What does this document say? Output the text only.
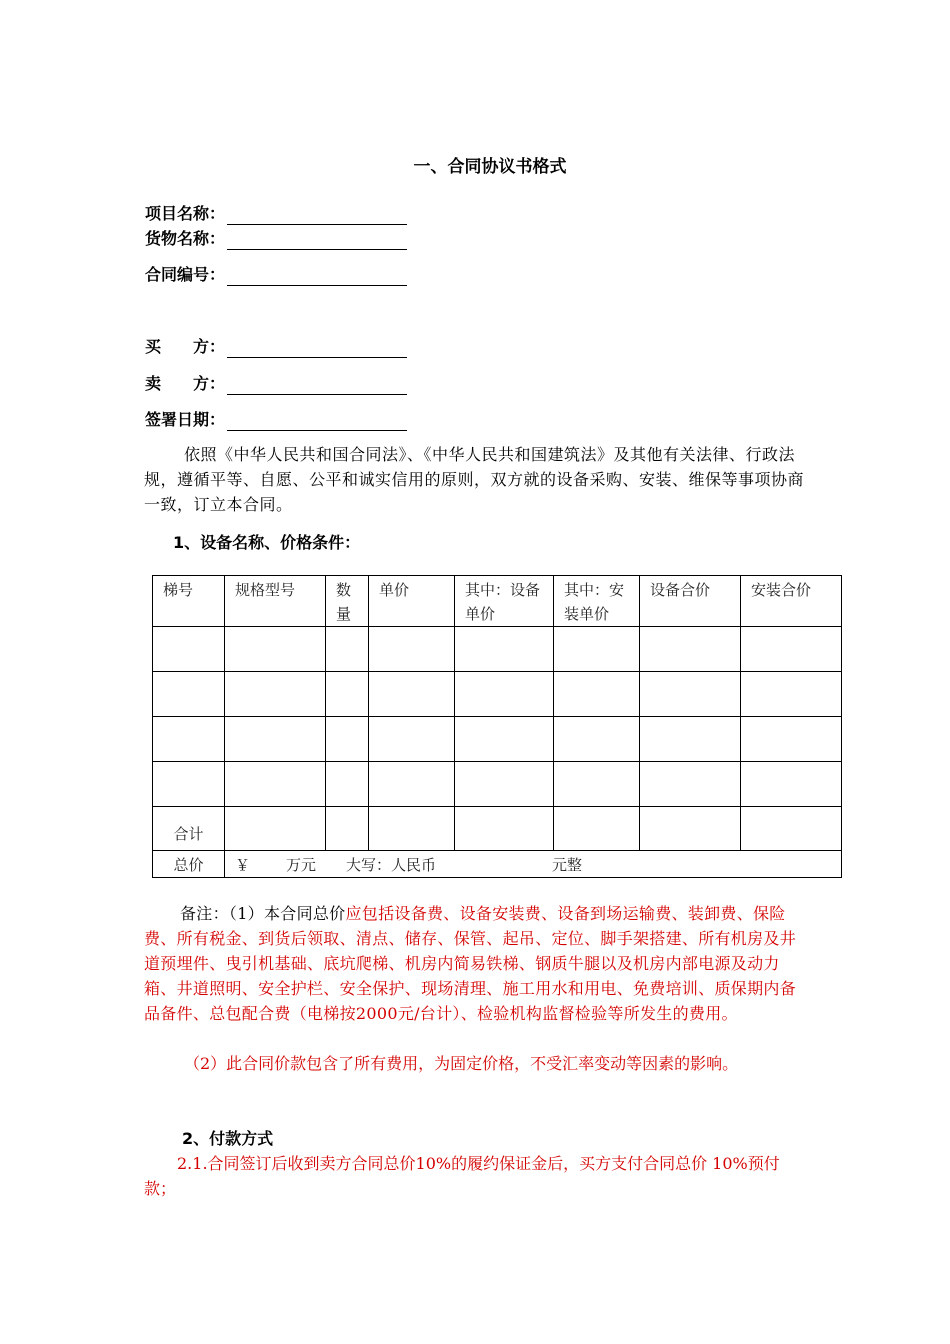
一、合同协议书格式
项目名称：
货物名称：
合同编号：
买　　方：
卖　　方：
签署日期：
依照《中华人民共和国合同法》、《中华人民共和国建筑法》及其他有关法律、行政法规，遵循平等、自愿、公平和诚实信用的原则，双方就的设备采购、安装、维保等事项协商一致，订立本合同。
1、设备名称、价格条件：
梯号	规格型号	数量	单价	其中：设备单价	其中：安装单价	设备合价	安装合价

合计							
总价	￥ 万元 大写：人民币 元整						
备注：（1）本合同总价应包括设备费、设备安装费、设备到场运输费、装卸费、保险费、所有税金、到货后领取、清点、储存、保管、起吊、定位、脚手架搭建、所有机房及井道预埋件、曳引机基础、底坑爬梯、机房内简易铁梯、钢质牛腿以及机房内部电源及动力箱、井道照明、安全护栏、安全保护、现场清理、施工用水和用电、免费培训、质保期内备品备件、总包配合费（电梯按2000元/台计）、检验机构监督检验等所发生的费用。
（2）此合同价款包含了所有费用，为固定价格，不受汇率变动等因素的影响。
2、付款方式
2.1.合同签订后收到卖方合同总价10%的履约保证金后，买方支付合同总价 10%预付款；
